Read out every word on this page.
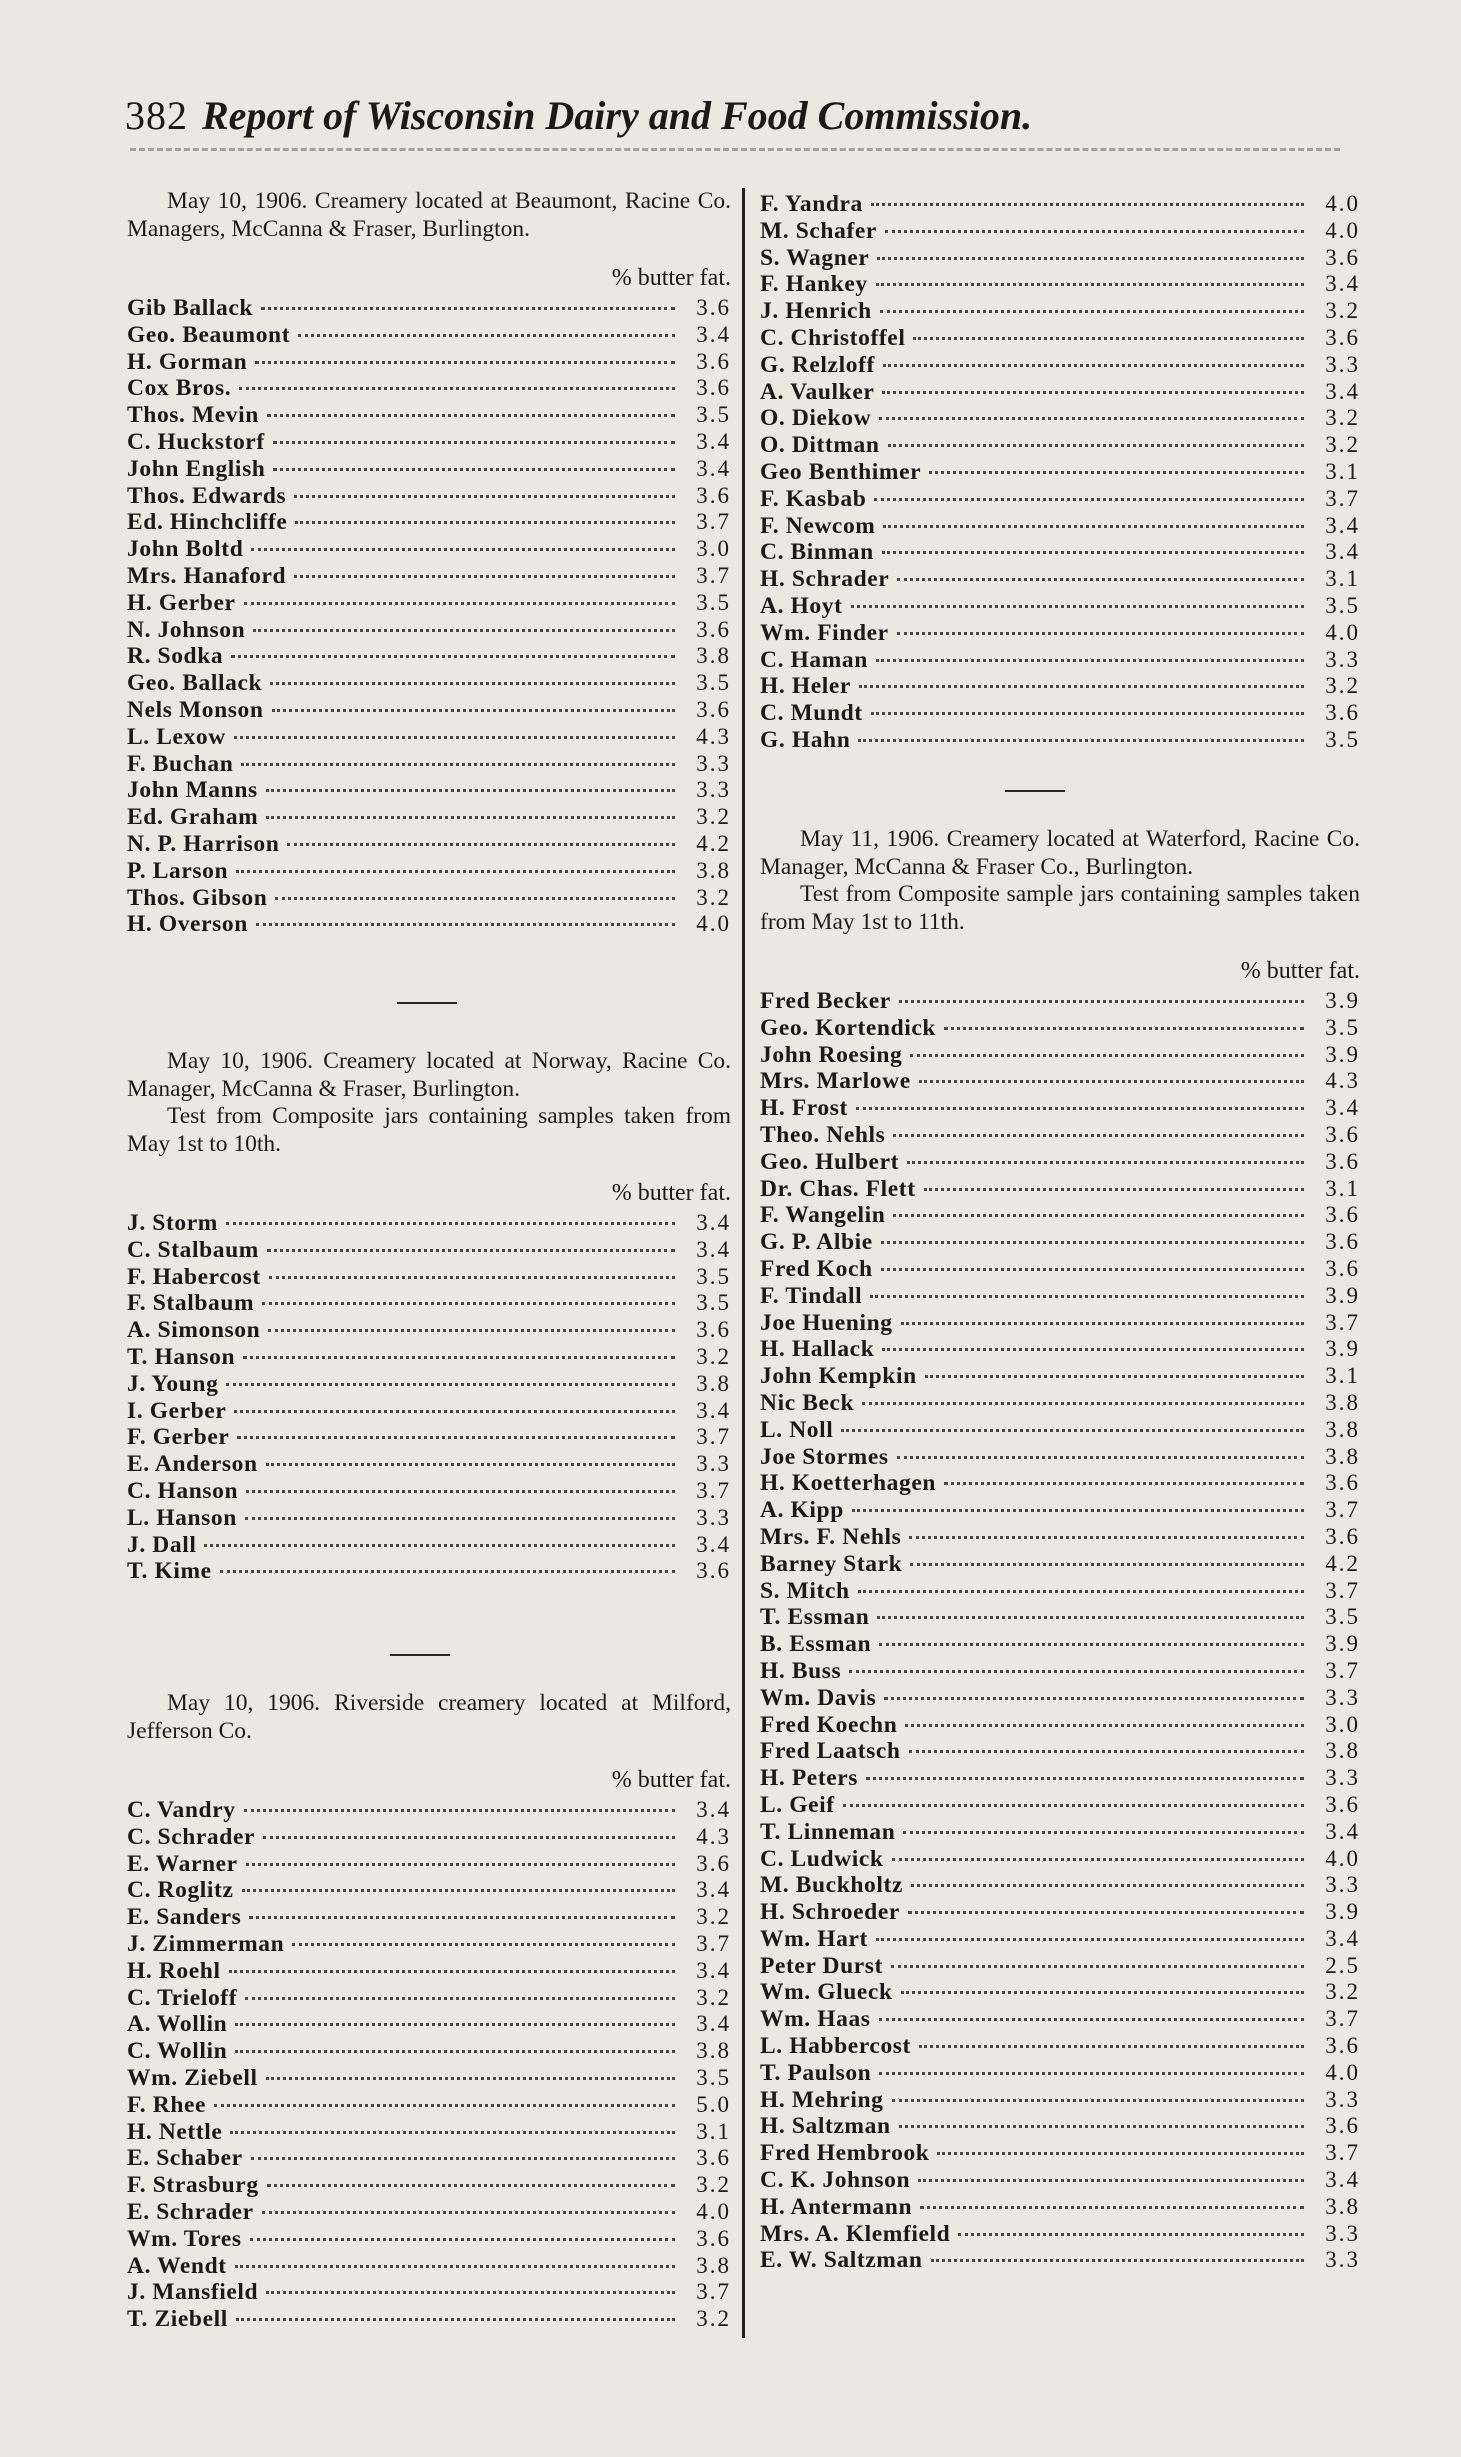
382 Report of Wisconsin Dairy and Food Commission.

May 10, 1906. Creamery located at Beaumont, Racine Co. Managers, McCanna & Fraser, Burlington.

% butter fat.
Gib Ballack	3.6
Geo. Beaumont	3.4
H. Gorman	3.6
Cox Bros.	3.6
Thos. Mevin	3.5
C. Huckstorf	3.4
John English	3.4
Thos. Edwards	3.6
Ed. Hinchcliffe	3.7
John Boltd	3.0
Mrs. Hanaford	3.7
H. Gerber	3.5
N. Johnson	3.6
R. Sodka	3.8
Geo. Ballack	3.5
Nels Monson	3.6
L. Lexow	4.3
F. Buchan	3.3
John Manns	3.3
Ed. Graham	3.2
N. P. Harrison	4.2
P. Larson	3.8
Thos. Gibson	3.2
H. Overson	4.0

May 10, 1906. Creamery located at Norway, Racine Co. Manager, McCanna & Fraser, Burlington.

Test from Composite jars containing samples taken from May 1st to 10th.

% butter fat.
J. Storm	3.4
C. Stalbaum	3.4
F. Habercost	3.5
F. Stalbaum	3.5
A. Simonson	3.6
T. Hanson	3.2
J. Young	3.8
I. Gerber	3.4
F. Gerber	3.7
E. Anderson	3.3
C. Hanson	3.7
L. Hanson	3.3
J. Dall	3.4
T. Kime	3.6

May 10, 1906. Riverside creamery located at Milford, Jefferson Co.

% butter fat.
C. Vandry	3.4
C. Schrader	4.3
E. Warner	3.6
C. Roglitz	3.4
E. Sanders	3.2
J. Zimmerman	3.7
H. Roehl	3.4
C. Trieloff	3.2
A. Wollin	3.4
C. Wollin	3.8
Wm. Ziebell	3.5
F. Rhee	5.0
H. Nettle	3.1
E. Schaber	3.6
F. Strasburg	3.2
E. Schrader	4.0
Wm. Tores	3.6
A. Wendt	3.8
J. Mansfield	3.7
T. Ziebell	3.2
F. Yandra	4.0
M. Schafer	4.0
S. Wagner	3.6
F. Hankey	3.4
J. Henrich	3.2
C. Christoffel	3.6
G. Relzloff	3.3
A. Vaulker	3.4
O. Diekow	3.2
O. Dittman	3.2
Geo Benthimer	3.1
F. Kasbab	3.7
F. Newcom	3.4
C. Binman	3.4
H. Schrader	3.1
A. Hoyt	3.5
Wm. Finder	4.0
C. Haman	3.3
H. Heler	3.2
C. Mundt	3.6
G. Hahn	3.5

May 11, 1906. Creamery located at Waterford, Racine Co. Manager, McCanna & Fraser Co., Burlington.

Test from Composite sample jars containing samples taken from May 1st to 11th.

% butter fat.
Fred Becker	3.9
Geo. Kortendick	3.5
John Roesing	3.9
Mrs. Marlowe	4.3
H. Frost	3.4
Theo. Nehls	3.6
Geo. Hulbert	3.6
Dr. Chas. Flett	3.1
F. Wangelin	3.6
G. P. Albie	3.6
Fred Koch	3.6
F. Tindall	3.9
Joe Huening	3.7
H. Hallack	3.9
John Kempkin	3.1
Nic Beck	3.8
L. Noll	3.8
Joe Stormes	3.8
H. Koetterhagen	3.6
A. Kipp	3.7
Mrs. F. Nehls	3.6
Barney Stark	4.2
S. Mitch	3.7
T. Essman	3.5
B. Essman	3.9
H. Buss	3.7
Wm. Davis	3.3
Fred Koechn	3.0
Fred Laatsch	3.8
H. Peters	3.3
L. Geif	3.6
T. Linneman	3.4
C. Ludwick	4.0
M. Buckholtz	3.3
H. Schroeder	3.9
Wm. Hart	3.4
Peter Durst	2.5
Wm. Glueck	3.2
Wm. Haas	3.7
L. Habbercost	3.6
T. Paulson	4.0
H. Mehring	3.3
H. Saltzman	3.6
Fred Hembrook	3.7
C. K. Johnson	3.4
H. Antermann	3.8
Mrs. A. Klemfield	3.3
E. W. Saltzman	3.3
